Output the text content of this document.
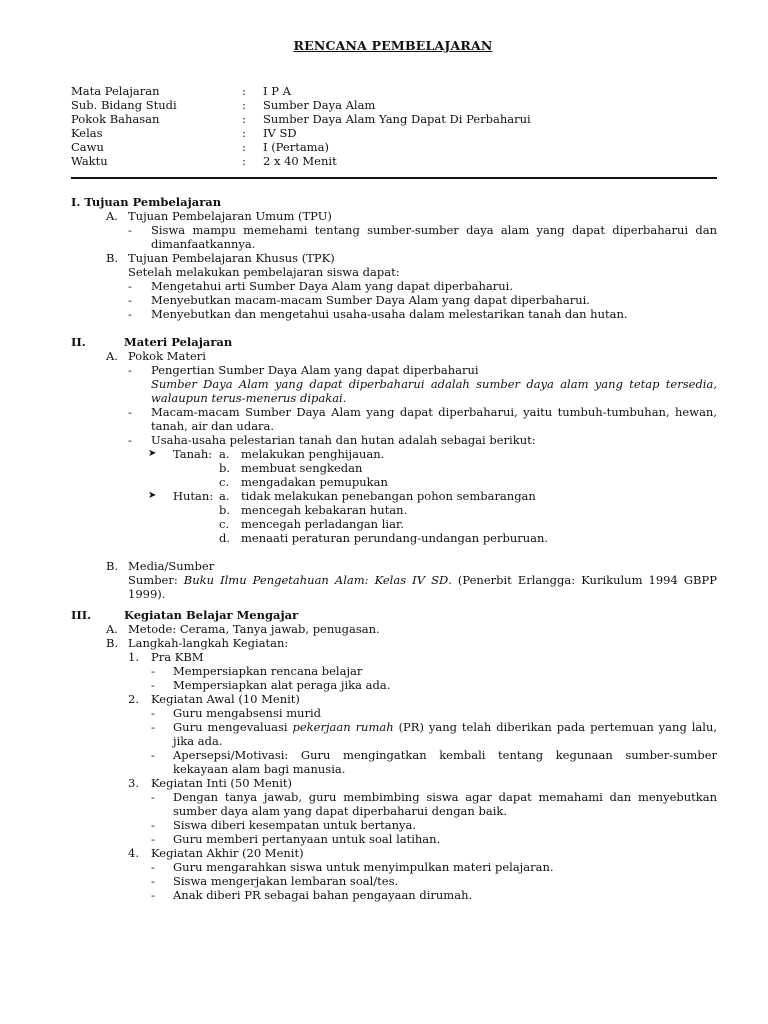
RENCANA PEMBELAJARAN
Mata Pelajaran	: I P A
Sub. Bidang Studi	: Sumber Daya Alam
Pokok Bahasan	: Sumber Daya Alam Yang Dapat Di Perbaharui
Kelas	: IV SD
Cawu	: I (Pertama)
Waktu	: 2 x 40 Menit
I. Tujuan Pembelajaran
A. Tujuan Pembelajaran Umum (TPU)
- Siswa mampu memehami tentang sumber-sumber daya alam yang dapat diperbaharui dan dimanfaatkannya.
B. Tujuan Pembelajaran Khusus (TPK)
Setelah melakukan pembelajaran siswa dapat:
- Mengetahui arti Sumber Daya Alam yang dapat diperbaharui.
- Menyebutkan macam-macam Sumber Daya Alam yang dapat diperbaharui.
- Menyebutkan dan mengetahui usaha-usaha dalam melestarikan tanah dan hutan.
II.	Materi Pelajaran
A. Pokok Materi
- Pengertian Sumber Daya Alam yang dapat diperbaharui
Sumber Daya Alam yang dapat diperbaharui adalah sumber daya alam yang tetap tersedia, walaupun terus-menerus dipakai.
- Macam-macam Sumber Daya Alam yang dapat diperbaharui, yaitu tumbuh-tumbuhan, hewan, tanah, air dan udara.
- Usaha-usaha pelestarian tanah dan hutan adalah sebagai berikut:
➤ Tanah: a. melakukan penghijauan.
b. membuat sengkedan
c. mengadakan pemupukan
➤ Hutan: a. tidak melakukan penebangan pohon sembarangan
b. mencegah kebakaran hutan.
c. mencegah perladangan liar.
d. menaati peraturan perundang-undangan perburuan.
B. Media/Sumber
Sumber: Buku Ilmu Pengetahuan Alam: Kelas IV SD. (Penerbit Erlangga: Kurikulum 1994 GBPP 1999).
III.	Kegiatan Belajar Mengajar
A. Metode: Cerama, Tanya jawab, penugasan.
B. Langkah-langkah Kegiatan:
1. Pra KBM
- Mempersiapkan rencana belajar
- Mempersiapkan alat peraga jika ada.
2. Kegiatan Awal (10 Menit)
- Guru mengabsensi murid
- Guru mengevaluasi pekerjaan rumah (PR) yang telah diberikan pada pertemuan yang lalu, jika ada.
- Apersepsi/Motivasi: Guru mengingatkan kembali tentang kegunaan sumber-sumber kekayaan alam bagi manusia.
3. Kegiatan Inti (50 Menit)
- Dengan tanya jawab, guru membimbing siswa agar dapat memahami dan menyebutkan sumber daya alam yang dapat diperbaharui dengan baik.
- Siswa diberi kesempatan untuk bertanya.
- Guru memberi pertanyaan untuk soal latihan.
4. Kegiatan Akhir (20 Menit)
- Guru mengarahkan siswa untuk menyimpulkan materi pelajaran.
- Siswa mengerjakan lembaran soal/tes.
- Anak diberi PR sebagai bahan pengayaan dirumah.
